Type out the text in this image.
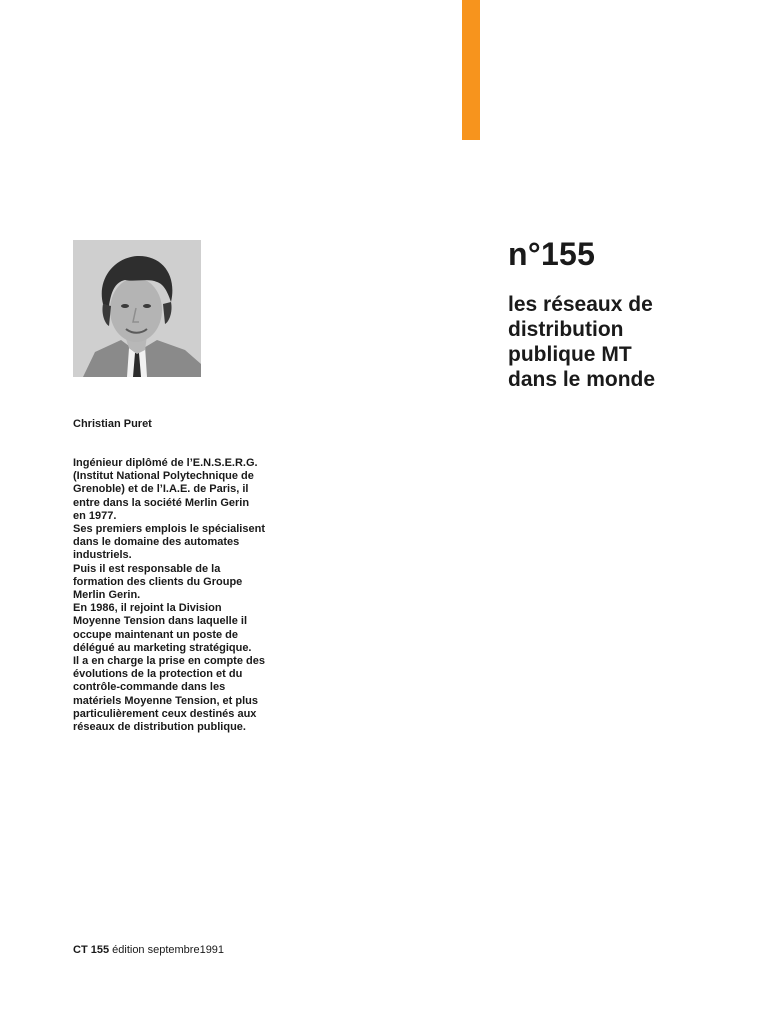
n°155
les réseaux de
distribution
publique MT
dans le monde

Christian Puret

Ingénieur diplômé de l’E.N.S.E.R.G.
(Institut National Polytechnique de
Grenoble) et de l’I.A.E. de Paris, il
entre dans la société Merlin Gerin
en 1977.
Ses premiers emplois le spécialisent
dans le domaine des automates
industriels.
Puis il est responsable de la
formation des clients du Groupe
Merlin Gerin.
En 1986, il rejoint la Division
Moyenne Tension dans laquelle il
occupe maintenant un poste de
délégué au marketing stratégique.
Il a en charge la prise en compte des
évolutions de la protection et du
contrôle-commande dans les
matériels Moyenne Tension, et plus
particulièrement ceux destinés aux
réseaux de distribution publique.

CT 155 édition septembre1991
